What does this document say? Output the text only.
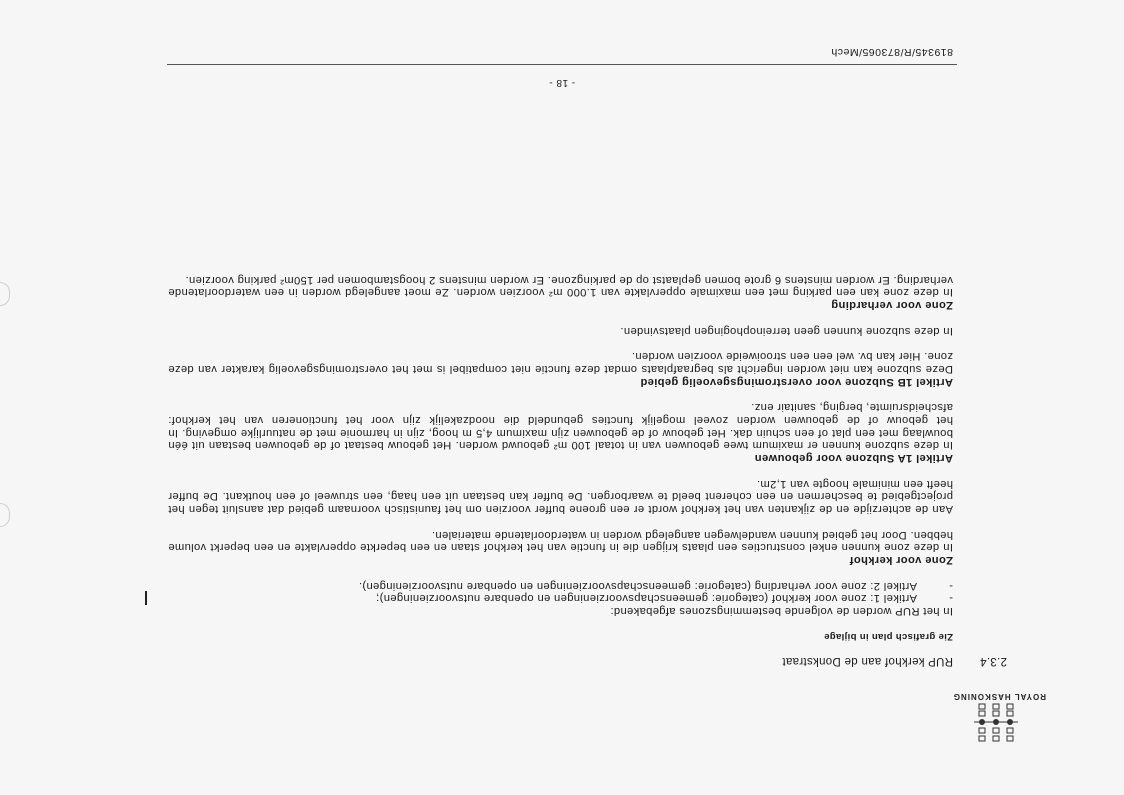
ROYAL HASKONING
2.3.4RUP kerkhof aan de Donkstraat

Zie grafisch plan in bijlage

In het RUP worden de volgende bestemmingszones afgebakend:

-
Artikel 1: zone voor kerkhof (categorie: gemeenschapsvoorzieningen en openbare nutsvoorzieningen);
-
Artikel 2: zone voor verharding (categorie: gemeenschapsvoorzieningen en openbare nutsvoorzieningen).
Zone voor kerkhof

In deze zone kunnen enkel constructies een plaats krijgen die in functie van het kerkhof staan en een beperkte oppervlakte en een beperkt volume hebben. Door het gebied kunnen wandelwegen aangelegd worden in waterdoorlatende materialen.

Aan de achterzijde en de zijkanten van het kerkhof wordt er een groene buffer voorzien om het faunistisch voornaam gebied dat aansluit tegen het projectgebied te beschermen en een coherent beeld te waarborgen. De buffer kan bestaan uit een haag, een struweel of een houtkant. De buffer heeft een minimale hoogte van 1,2m.

Artikel 1A Subzone voor gebouwen

In deze subzone kunnen er maximum twee gebouwen van in totaal 100 m² gebouwd worden. Het gebouw bestaat of de gebouwen bestaan uit één bouwlaag met een plat of een schuin dak. Het gebouw of de gebouwen zijn maximum 4,5 m hoog, zijn in harmonie met de natuurlijke omgeving. In het gebouw of de gebouwen worden zoveel mogelijk functies gebundeld die noodzakelijk zijn voor het functioneren van het kerkhof: afscheidsruimte, berging, sanitair enz.

Artikel 1B Subzone voor overstromingsgevoelig gebied

Deze subzone kan niet worden ingericht als begraafplaats omdat deze functie niet compatibel is met het overstromingsgevoelig karakter van deze zone. Hier kan bv. wel een een strooiweide voorzien worden.

In deze subzone kunnen geen terreinophogingen plaatsvinden.

Zone voor verharding

In deze zone kan een parking met een maximale oppervlakte van 1.000 m² voorzien worden. Ze moet aangelegd worden in een waterdoorlatende verharding. Er worden minstens 6 grote bomen geplaatst op de parkingzone. Er worden minstens 2 hoogstambomen per 150m² parking voorzien.

- 18 -
819345/R/873065/Mech
